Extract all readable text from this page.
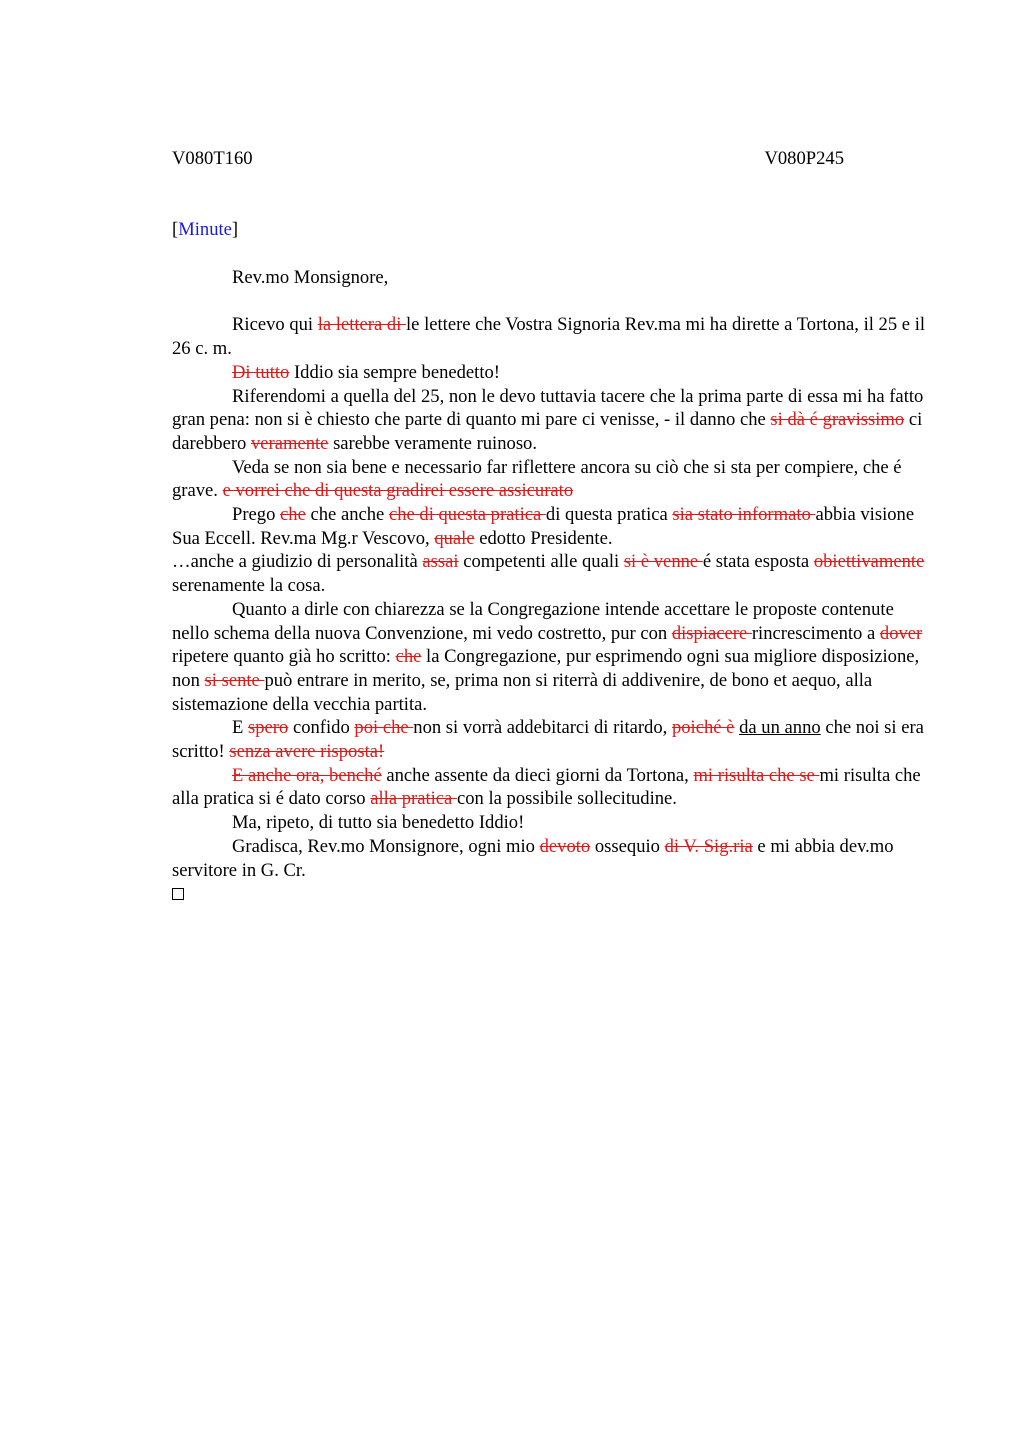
V080T160	V080P245
[Minute]

Rev.mo Monsignore,

Ricevo qui la lettera di le lettere che Vostra Signoria Rev.ma mi ha dirette a Tortona, il 25 e il 26 c. m.

Di tutto Iddio sia sempre benedetto!

Riferendomi a quella del 25, non le devo tuttavia tacere che la prima parte di essa mi ha fatto gran pena: non si è chiesto che parte di quanto mi pare ci venisse, - il danno che si dà é gravissimo ci darebbero veramente sarebbe veramente ruinoso.

Veda se non sia bene e necessario far riflettere ancora su ciò che si sta per compiere, che é grave. e vorrei che di questa gradirei essere assicurato

Prego che che anche che di questa pratica di questa pratica sia stato informato abbia visione Sua Eccell. Rev.ma Mg.r Vescovo, quale edotto Presidente.

…anche a giudizio di personalità assai competenti alle quali si è venne é stata esposta obiettivamente serenamente la cosa.

Quanto a dirle con chiarezza se la Congregazione intende accettare le proposte contenute nello schema della nuova Convenzione, mi vedo costretto, pur con dispiacere rincrescimento a dover ripetere quanto già ho scritto: che la Congregazione, pur esprimendo ogni sua migliore disposizione, non si sente può entrare in merito, se, prima non si riterrà di addivenire, de bono et aequo, alla sistemazione della vecchia partita.

E spero confido poi che non si vorrà addebitarci di ritardo, poiché è da un anno che noi si era scritto! senza avere risposta!

E anche ora, benché anche assente da dieci giorni da Tortona, mi risulta che se mi risulta che alla pratica si é dato corso alla pratica con la possibile sollecitudine.

Ma, ripeto, di tutto sia benedetto Iddio!

Gradisca, Rev.mo Monsignore, ogni mio devoto ossequio di V. Sig.ria e mi abbia dev.mo servitore in G. Cr.
